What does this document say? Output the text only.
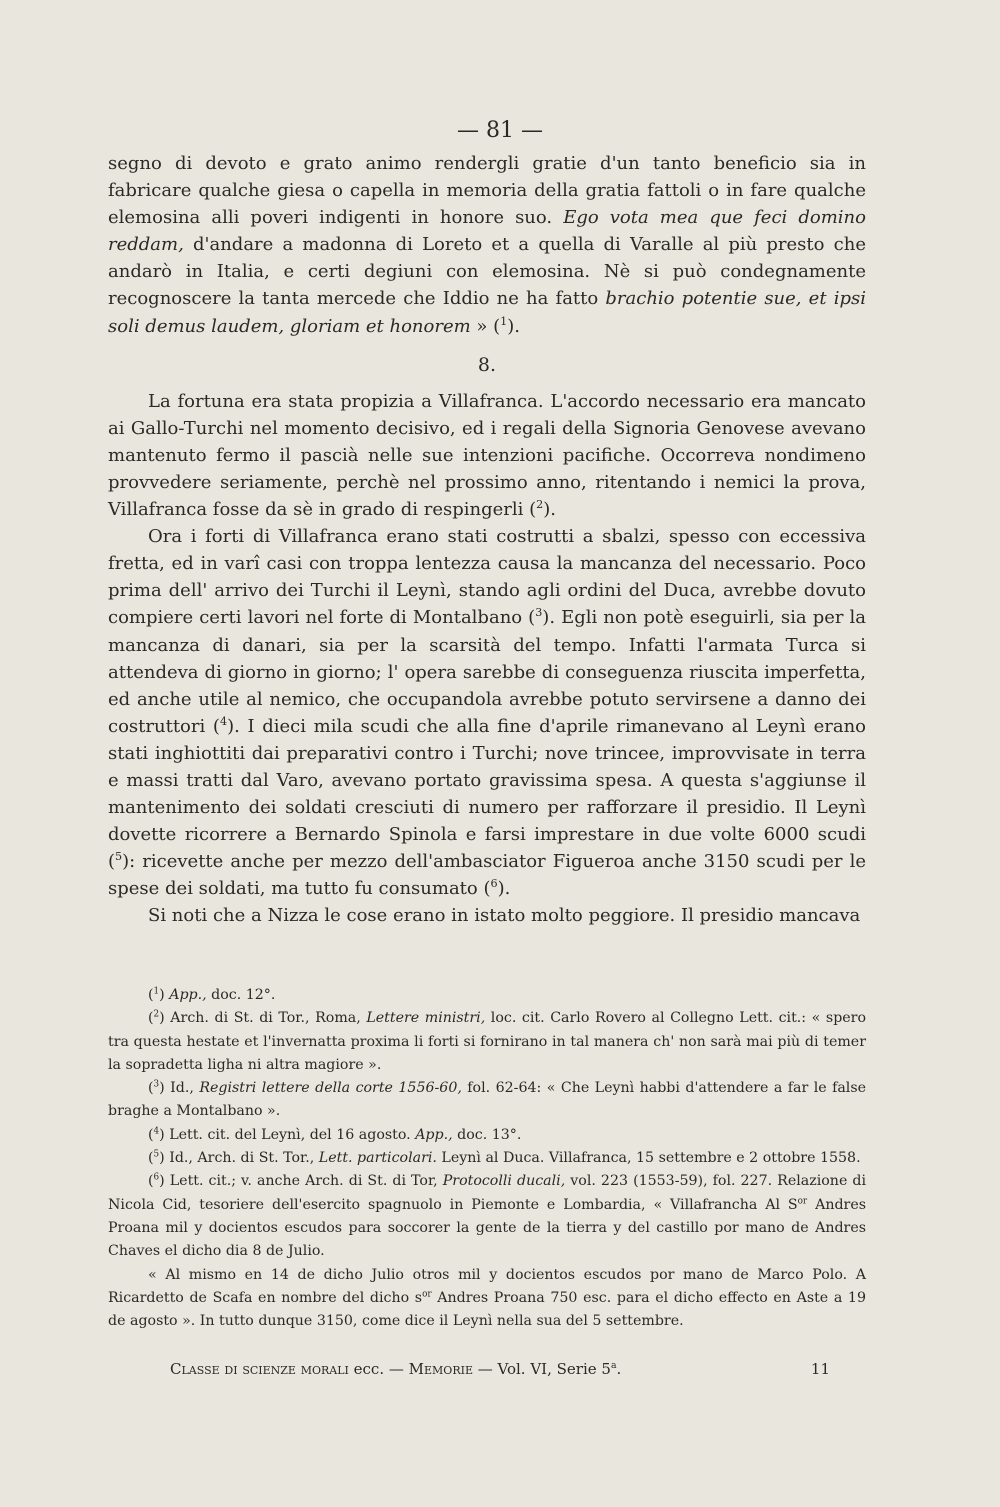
— 81 —

segno di devoto e grato animo rendergli gratie d'un tanto beneficio sia in fabricare qualche giesa o capella in memoria della gratia fattoli o in fare qualche elemosina alli poveri indigenti in honore suo. Ego vota mea que feci domino reddam, d'andare a madonna di Loreto et a quella di Varalle al più presto che andarò in Italia, e certi degiuni con elemosina. Nè si può condegnamente recognoscere la tanta mercede che Iddio ne ha fatto brachio potentie sue, et ipsi soli demus laudem, gloriam et honorem » ($^1$).

8.

La fortuna era stata propizia a Villafranca. L'accordo necessario era mancato ai Gallo-Turchi nel momento decisivo, ed i regali della Signoria Genovese avevano mantenuto fermo il pascià nelle sue intenzioni pacifiche. Occorreva nondimeno provvedere seriamente, perchè nel prossimo anno, ritentando i nemici la prova, Villafranca fosse da sè in grado di respingerli ($^2$).

Ora i forti di Villafranca erano stati costrutti a sbalzi, spesso con eccessiva fretta, ed in varî casi con troppa lentezza causa la mancanza del necessario. Poco prima dell' arrivo dei Turchi il Leynì, stando agli ordini del Duca, avrebbe dovuto compiere certi lavori nel forte di Montalbano ($^3$). Egli non potè eseguirli, sia per la mancanza di danari, sia per la scarsità del tempo. Infatti l'armata Turca si attendeva di giorno in giorno; l' opera sarebbe di conseguenza riuscita imperfetta, ed anche utile al nemico, che occupandola avrebbe potuto servirsene a danno dei costruttori ($^4$). I dieci mila scudi che alla fine d'aprile rimanevano al Leynì erano stati inghiottiti dai preparativi contro i Turchi; nove trincee, improvvisate in terra e massi tratti dal Varo, avevano portato gravissima spesa. A questa s'aggiunse il mantenimento dei soldati cresciuti di numero per rafforzare il presidio. Il Leynì dovette ricorrere a Bernardo Spinola e farsi imprestare in due volte 6000 scudi ($^5$): ricevette anche per mezzo dell'ambasciator Figueroa anche 3150 scudi per le spese dei soldati, ma tutto fu consumato ($^6$).

Si noti che a Nizza le cose erano in istato molto peggiore. Il presidio mancava

($^1$) App., doc. 12°.

($^2$) Arch. di St. di Tor., Roma, Lettere ministri, loc. cit. Carlo Rovero al Collegno Lett. cit.: « spero tra questa hestate et l'invernatta proxima li forti si fornirano in tal manera ch' non sarà mai più di temer la sopradetta ligha ni altra magiore ».

($^3$) Id., Registri lettere della corte 1556-60, fol. 62-64: « Che Leynì habbi d'attendere a far le false braghe a Montalbano ».

($^4$) Lett. cit. del Leynì, del 16 agosto. App., doc. 13°.

($^5$) Id., Arch. di St. Tor., Lett. particolari. Leynì al Duca. Villafranca, 15 settembre e 2 ottobre 1558.

($^6$) Lett. cit.; v. anche Arch. di St. di Tor, Protocolli ducali, vol. 223 (1553-59), fol. 227. Relazione di Nicola Cid, tesoriere dell'esercito spagnuolo in Piemonte e Lombardia, « Villafrancha Al $S^{or}$ Andres Proana mil y docientos escudos para soccorer la gente de la tierra y del castillo por mano de Andres Chaves el dicho dia 8 de Julio.

« Al mismo en 14 de dicho Julio otros mil y docientos escudos por mano de Marco Polo. A Ricardetto de Scafa en nombre del dicho $s^{or}$ Andres Proana 750 esc. para el dicho effecto en Aste a 19 de agosto ». In tutto dunque 3150, come dice il Leynì nella sua del 5 settembre.

Classe di scienze morali ecc. — Memorie — Vol. VI, Serie 5$^a$.	11
